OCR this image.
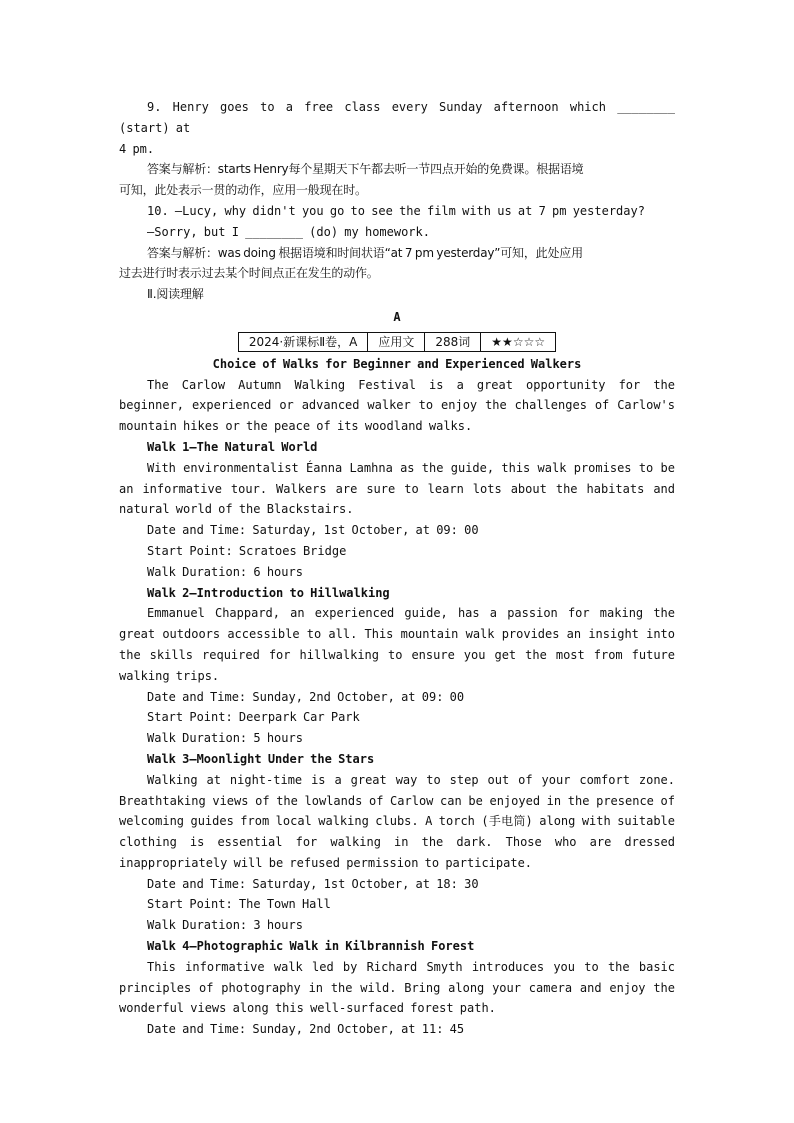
9. Henry goes to a free class every Sunday afternoon which ________ (start) at

4 pm.

答案与解析：starts Henry每个星期天下午都去听一节四点开始的免费课。根据语境

可知，此处表示一贯的动作，应用一般现在时。

10. —Lucy, why didn't you go to see the film with us at 7 pm yesterday?

—Sorry, but I ________ (do) my homework.

答案与解析：was doing 根据语境和时间状语“at 7 pm yesterday”可知，此处应用

过去进行时表示过去某个时间点正在发生的动作。

Ⅱ.阅读理解

A

2024·新课标Ⅱ卷，A	应用文	288词	★★☆☆☆

Choice of Walks for Beginner and Experienced Walkers

The Carlow Autumn Walking Festival is a great opportunity for the beginner, experienced or advanced walker to enjoy the challenges of Carlow's mountain hikes or the peace of its woodland walks.

Walk 1—The Natural World

With environmentalist Éanna Lamhna as the guide, this walk promises to be an informative tour. Walkers are sure to learn lots about the habitats and natural world of the Blackstairs.

Date and Time: Saturday, 1st October, at 09: 00

Start Point: Scratoes Bridge

Walk Duration: 6 hours

Walk 2—Introduction to Hillwalking

Emmanuel Chappard, an experienced guide, has a passion for making the great outdoors accessible to all. This mountain walk provides an insight into the skills required for hillwalking to ensure you get the most from future walking trips.

Date and Time: Sunday, 2nd October, at 09: 00

Start Point: Deerpark Car Park

Walk Duration: 5 hours

Walk 3—Moonlight Under the Stars

Walking at night-time is a great way to step out of your comfort zone. Breathtaking views of the lowlands of Carlow can be enjoyed in the presence of welcoming guides from local walking clubs. A torch (手电筒) along with suitable clothing is essential for walking in the dark. Those who are dressed inappropriately will be refused permission to participate.

Date and Time: Saturday, 1st October, at 18: 30

Start Point: The Town Hall

Walk Duration: 3 hours

Walk 4—Photographic Walk in Kilbrannish Forest

This informative walk led by Richard Smyth introduces you to the basic principles of photography in the wild. Bring along your camera and enjoy the wonderful views along this well-surfaced forest path.

Date and Time: Sunday, 2nd October, at 11: 45
